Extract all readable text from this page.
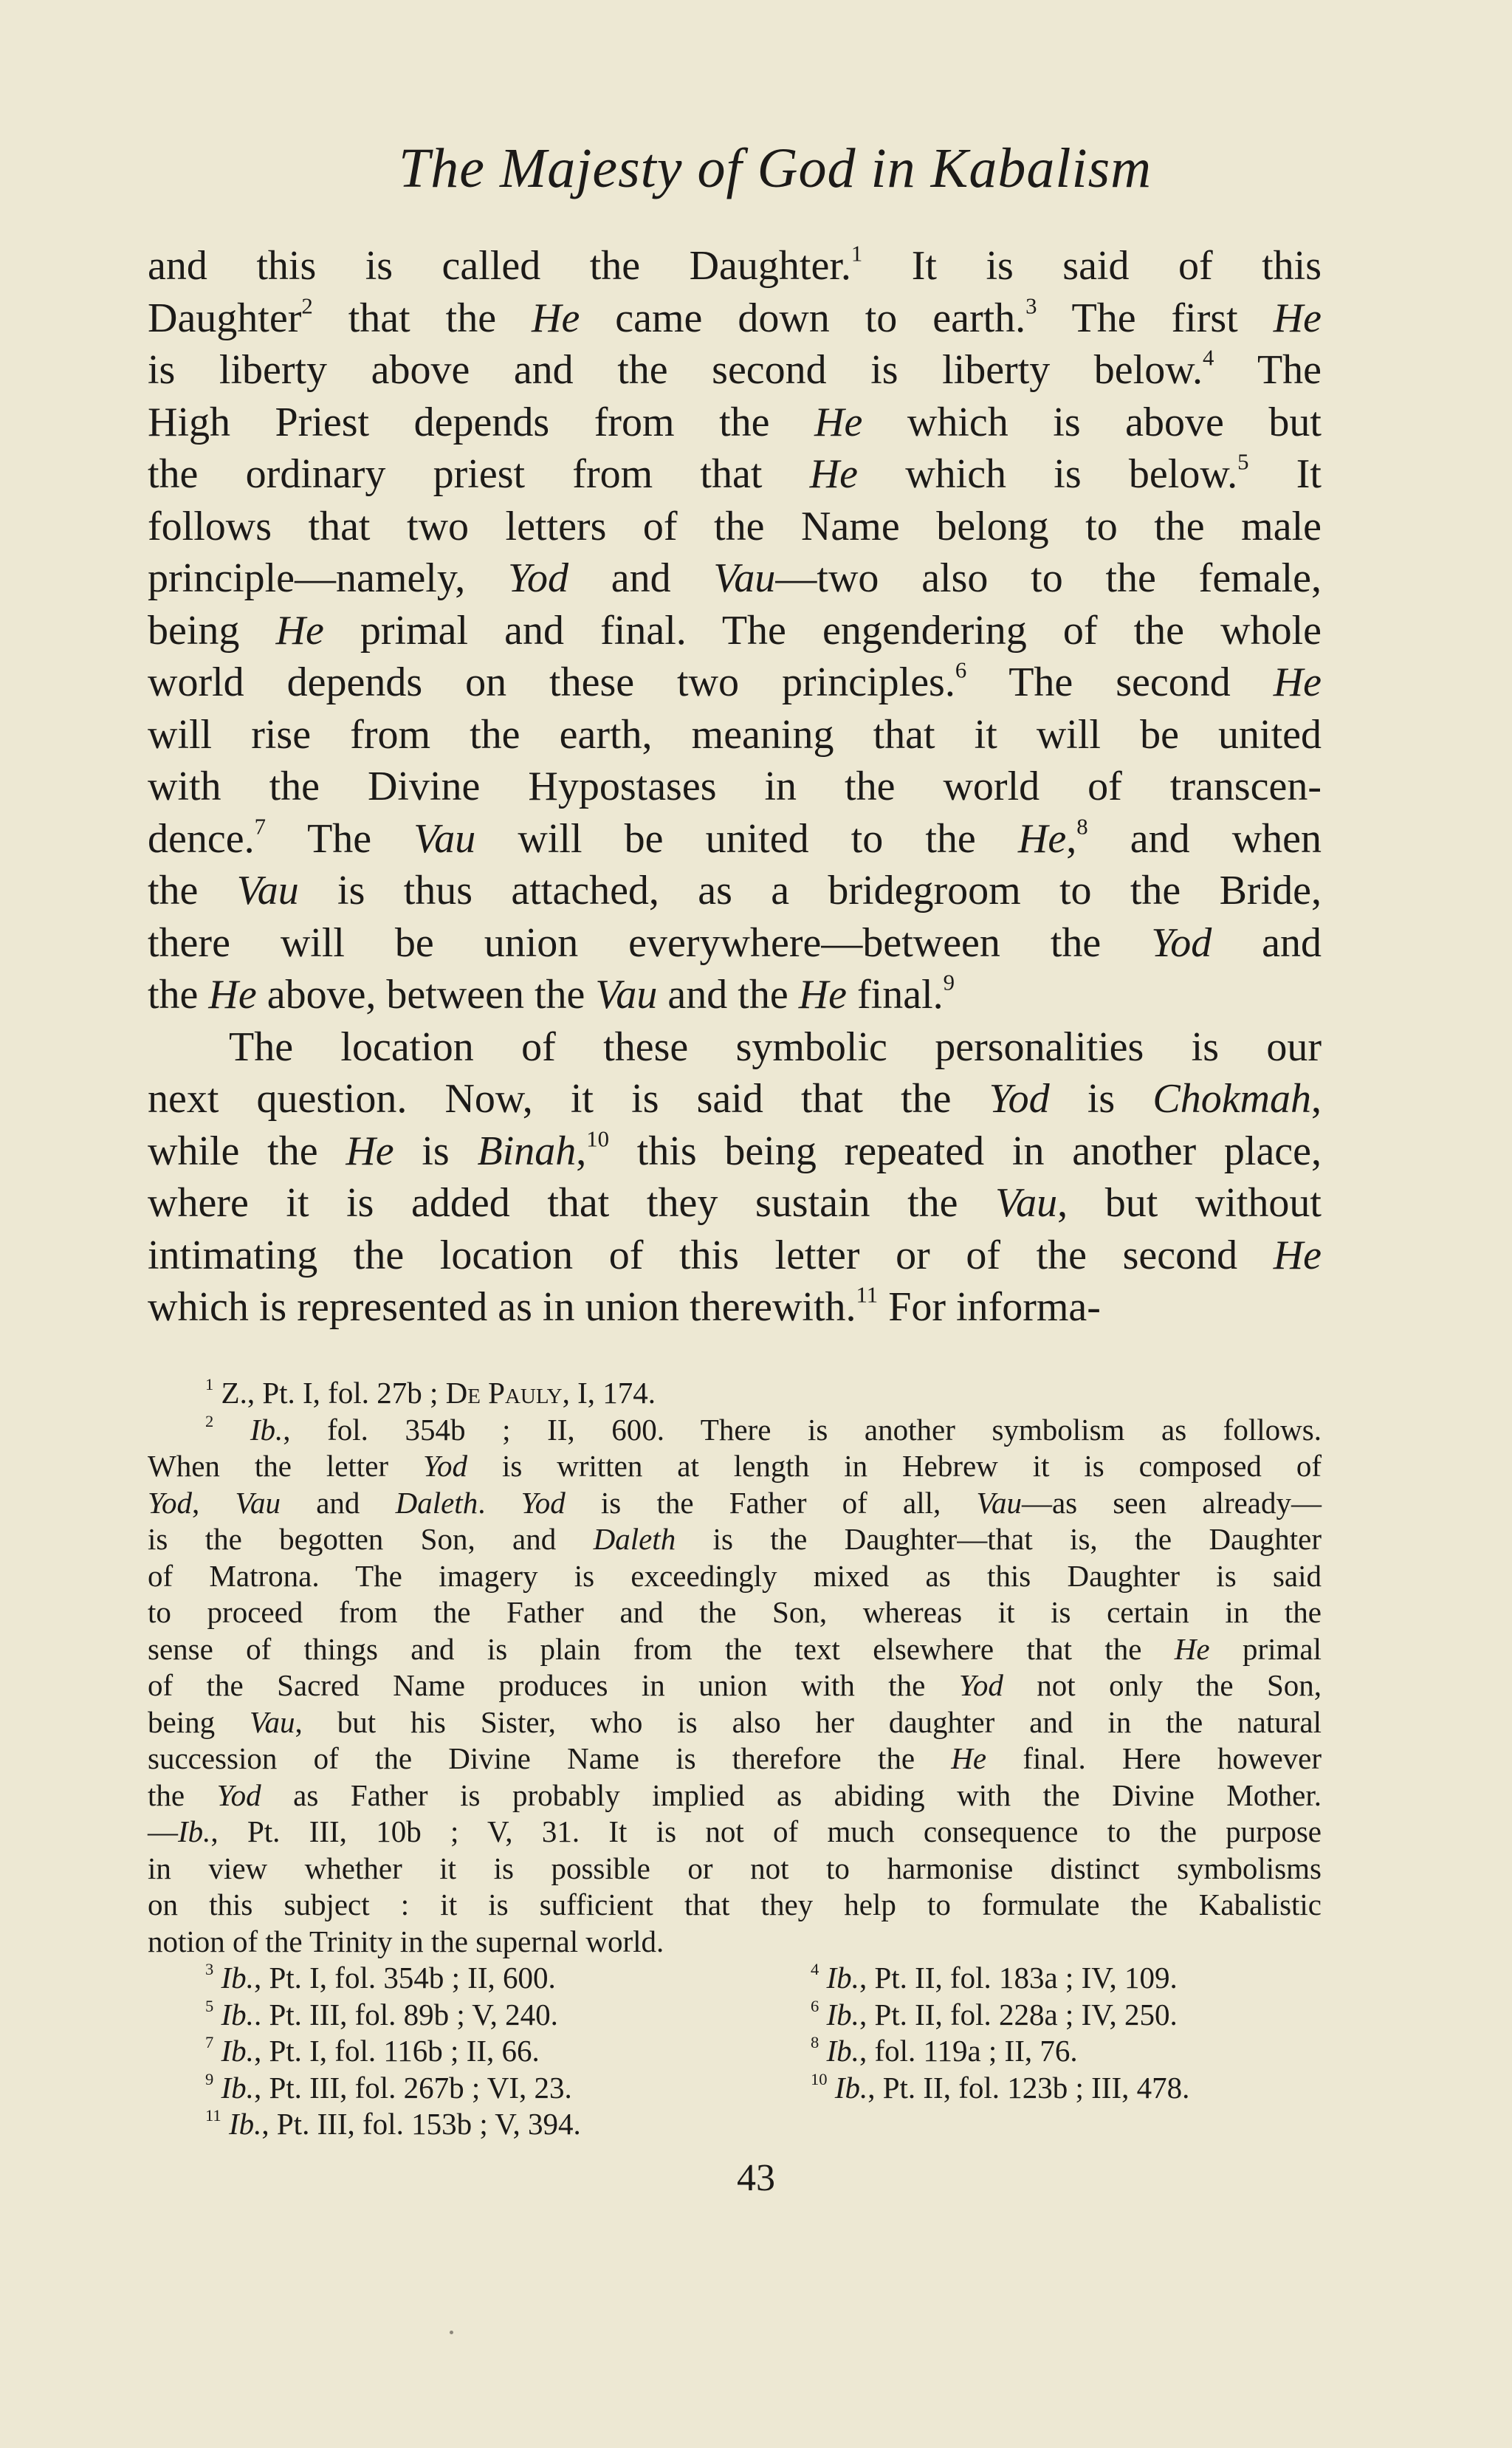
The Majesty of God in Kabalism
and this is called the Daughter.$^1$ It is said of this
Daughter$^2$ that the He came down to earth.$^3$ The first He
is liberty above and the second is liberty below.$^4$ The
High Priest depends from the He which is above but
the ordinary priest from that He which is below.$^5$ It
follows that two letters of the Name belong to the male
principle—namely, Yod and Vau—two also to the female,
being He primal and final. The engendering of the whole
world depends on these two principles.$^6$ The second He
will rise from the earth, meaning that it will be united
with the Divine Hypostases in the world of transcen-
dence.$^7$ The Vau will be united to the He,$^8$ and when
the Vau is thus attached, as a bridegroom to the Bride,
there will be union everywhere—between the Yod and
the He above, between the Vau and the He final.$^9$
The location of these symbolic personalities is our
next question. Now, it is said that the Yod is Chokmah,
while the He is Binah,$^{10}$ this being repeated in another place,
where it is added that they sustain the Vau, but without
intimating the location of this letter or of the second He
which is represented as in union therewith.$^{11}$ For informa-
$^1$ Z., Pt. I, fol. 27b ; De Pauly, I, 174.
$^2$ Ib., fol. 354b ; II, 600. There is another symbolism as follows.
When the letter Yod is written at length in Hebrew it is composed of
Yod, Vau and Daleth. Yod is the Father of all, Vau—as seen already—
is the begotten Son, and Daleth is the Daughter—that is, the Daughter
of Matrona. The imagery is exceedingly mixed as this Daughter is said
to proceed from the Father and the Son, whereas it is certain in the
sense of things and is plain from the text elsewhere that the He primal
of the Sacred Name produces in union with the Yod not only the Son,
being Vau, but his Sister, who is also her daughter and in the natural
succession of the Divine Name is therefore the He final. Here however
the Yod as Father is probably implied as abiding with the Divine Mother.
—Ib., Pt. III, 10b ; V, 31. It is not of much consequence to the purpose
in view whether it is possible or not to harmonise distinct symbolisms
on this subject : it is sufficient that they help to formulate the Kabalistic
notion of the Trinity in the supernal world.
$^3$ Ib., Pt. I, fol. 354b ; II, 600.	$^4$ Ib., Pt. II, fol. 183a ; IV, 109.
$^5$ Ib.. Pt. III, fol. 89b ; V, 240.	$^6$ Ib., Pt. II, fol. 228a ; IV, 250.
$^7$ Ib., Pt. I, fol. 116b ; II, 66.	$^8$ Ib., fol. 119a ; II, 76.
$^9$ Ib., Pt. III, fol. 267b ; VI, 23.	$^{10}$ Ib., Pt. II, fol. 123b ; III, 478.
$^{11}$ Ib., Pt. III, fol. 153b ; V, 394.
43
